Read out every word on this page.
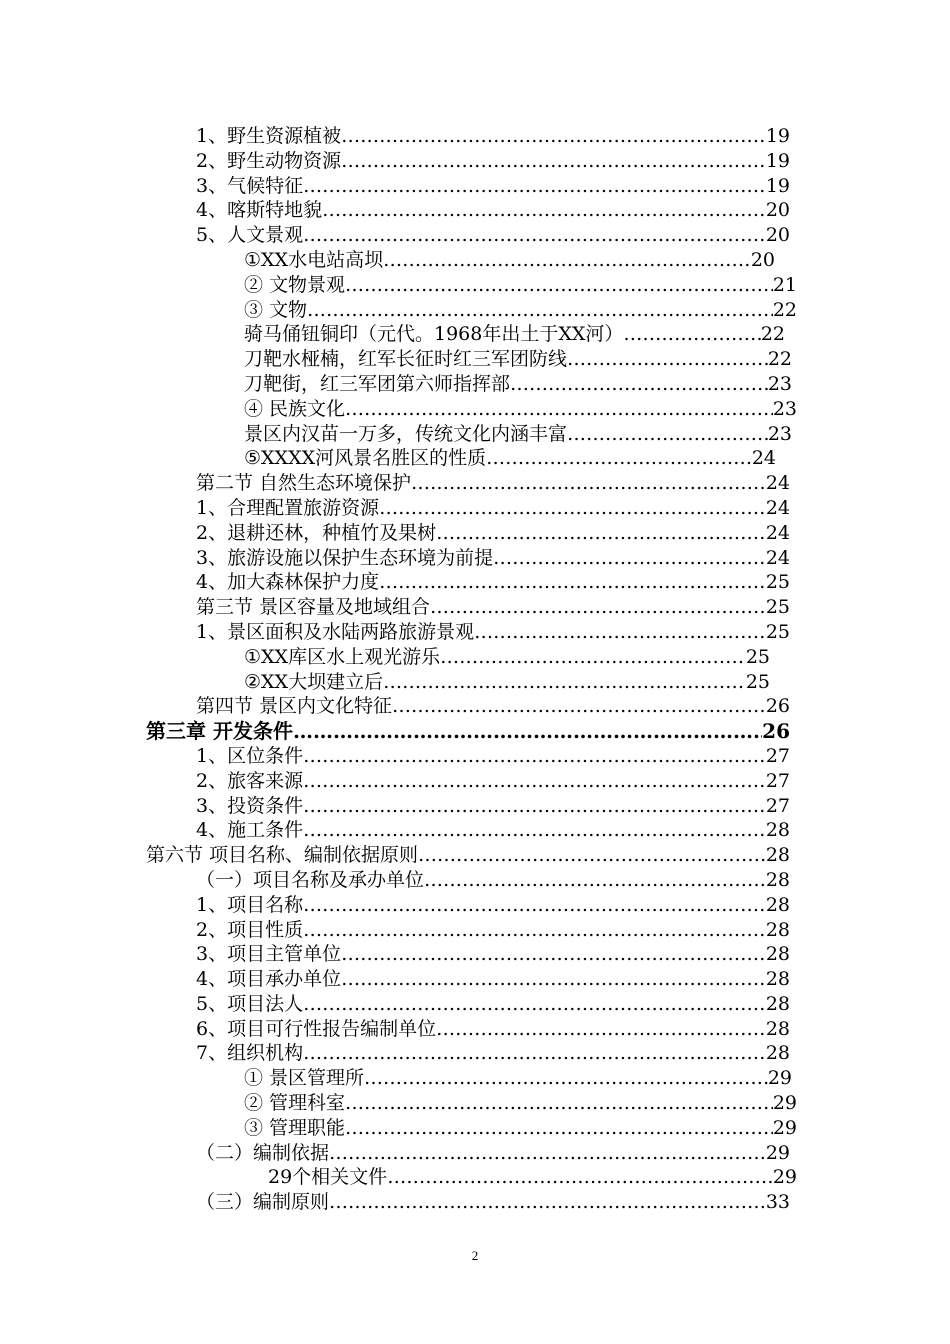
1、野生资源植被 ………………………………………………………………………………………………………………………………………………………………………………	19
2、野生动物资源 ………………………………………………………………………………………………………………………………………………………………………………	19
3、气候特征 ………………………………………………………………………………………………………………………………………………………………………………	19
4、喀斯特地貌 ………………………………………………………………………………………………………………………………………………………………………………	20
5、人文景观 ………………………………………………………………………………………………………………………………………………………………………………	20
①XX水电站高坝 ………………………………………………………………………………………………………………………………………………………………………………	20
② 文物景观 ………………………………………………………………………………………………………………………………………………………………………………	21
③ 文物 ………………………………………………………………………………………………………………………………………………………………………………	22
骑马俑钮铜印（元代。1968年出土于XX河） ………………………………………………………………………………………………………………………………………………………………………………	22
刀靶水桠楠，红军长征时红三军团防线 ………………………………………………………………………………………………………………………………………………………………………………	22
刀靶街，红三军团第六师指挥部 ………………………………………………………………………………………………………………………………………………………………………………	23
④ 民族文化 ………………………………………………………………………………………………………………………………………………………………………………	23
景区内汉苗一万多，传统文化内涵丰富 ………………………………………………………………………………………………………………………………………………………………………………	23
⑤XXXX河风景名胜区的性质 ………………………………………………………………………………………………………………………………………………………………………………	24
第二节 自然生态环境保护 ………………………………………………………………………………………………………………………………………………………………………………	24
1、合理配置旅游资源 ………………………………………………………………………………………………………………………………………………………………………………	24
2、退耕还林，种植竹及果树 ………………………………………………………………………………………………………………………………………………………………………………	24
3、旅游设施以保护生态环境为前提 ………………………………………………………………………………………………………………………………………………………………………………	24
4、加大森林保护力度 ………………………………………………………………………………………………………………………………………………………………………………	25
第三节 景区容量及地域组合 ………………………………………………………………………………………………………………………………………………………………………………	25
1、景区面积及水陆两路旅游景观 ………………………………………………………………………………………………………………………………………………………………………………	25
①XX库区水上观光游乐 ………………………………………………………………………………………………………………………………………………………………………………	25
②XX大坝建立后 ………………………………………………………………………………………………………………………………………………………………………………	25
第四节 景区内文化特征 ………………………………………………………………………………………………………………………………………………………………………………	26
第三章 开发条件 ………………………………………………………………………………………………………………………………………………………………………………	26
1、区位条件 ………………………………………………………………………………………………………………………………………………………………………………	27
2、旅客来源 ………………………………………………………………………………………………………………………………………………………………………………	27
3、投资条件 ………………………………………………………………………………………………………………………………………………………………………………	27
4、施工条件 ………………………………………………………………………………………………………………………………………………………………………………	28
第六节 项目名称、编制依据原则 ………………………………………………………………………………………………………………………………………………………………………………	28
（一）项目名称及承办单位 ………………………………………………………………………………………………………………………………………………………………………………	28
1、项目名称 ………………………………………………………………………………………………………………………………………………………………………………	28
2、项目性质 ………………………………………………………………………………………………………………………………………………………………………………	28
3、项目主管单位 ………………………………………………………………………………………………………………………………………………………………………………	28
4、项目承办单位 ………………………………………………………………………………………………………………………………………………………………………………	28
5、项目法人 ………………………………………………………………………………………………………………………………………………………………………………	28
6、项目可行性报告编制单位 ………………………………………………………………………………………………………………………………………………………………………………	28
7、组织机构 ………………………………………………………………………………………………………………………………………………………………………………	28
① 景区管理所 ………………………………………………………………………………………………………………………………………………………………………………	29
② 管理科室 ………………………………………………………………………………………………………………………………………………………………………………	29
③ 管理职能 ………………………………………………………………………………………………………………………………………………………………………………	29
（二）编制依据 ………………………………………………………………………………………………………………………………………………………………………………	29
29个相关文件 ………………………………………………………………………………………………………………………………………………………………………………	29
（三）编制原则 ………………………………………………………………………………………………………………………………………………………………………………	33
2
